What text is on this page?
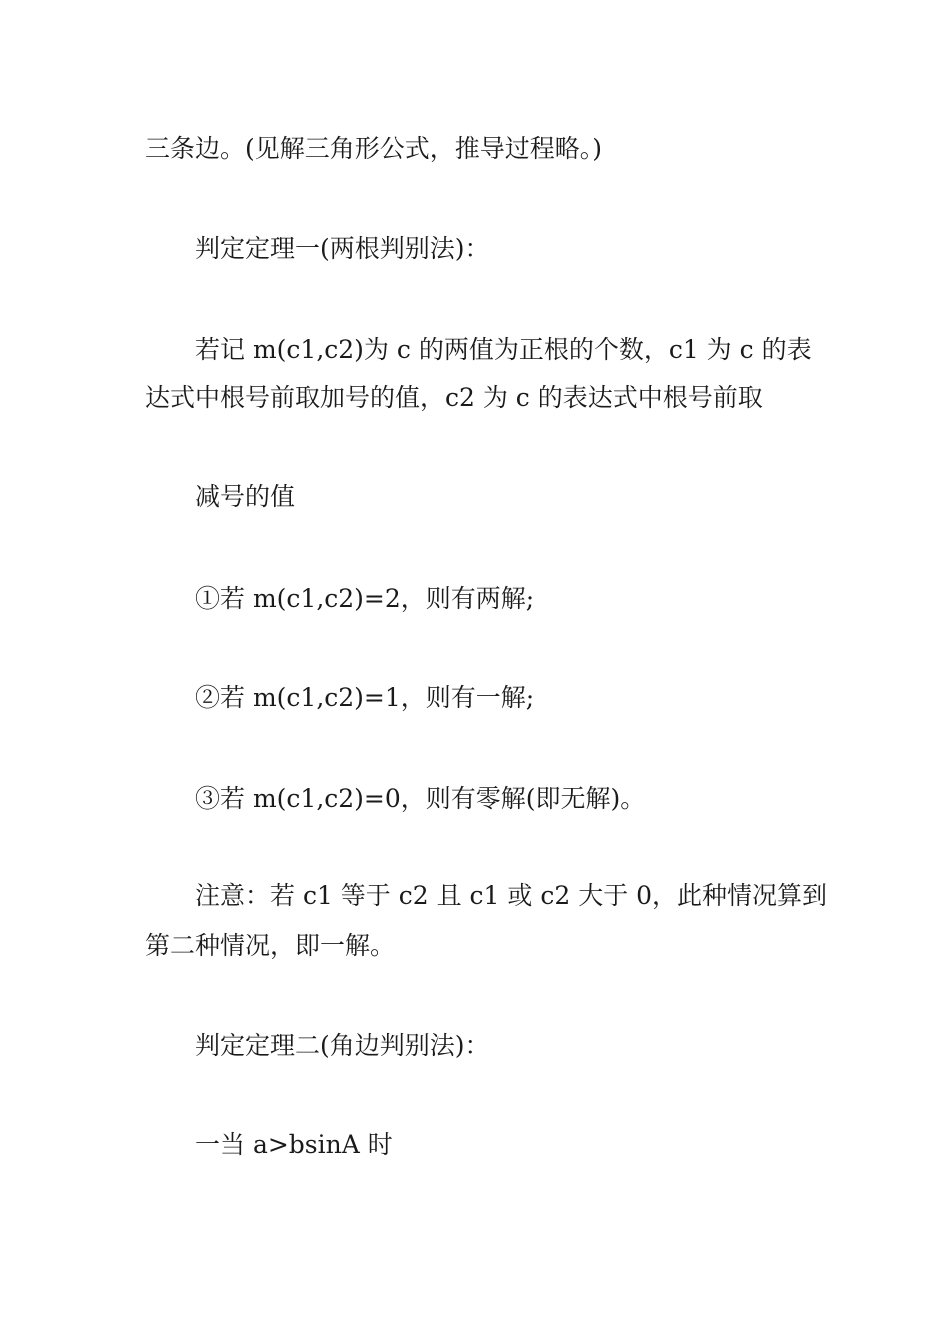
三条边。(见解三角形公式，推导过程略。)
判定定理一(两根判别法)：
若记 m(c1,c2)为 c 的两值为正根的个数，c1 为 c 的表
达式中根号前取加号的值，c2 为 c 的表达式中根号前取
减号的值
①若 m(c1,c2)=2，则有两解;
②若 m(c1,c2)=1，则有一解;
③若 m(c1,c2)=0，则有零解(即无解)。
注意：若 c1 等于 c2 且 c1 或 c2 大于 0，此种情况算到
第二种情况，即一解。
判定定理二(角边判别法)：
一当 a>bsinA 时
